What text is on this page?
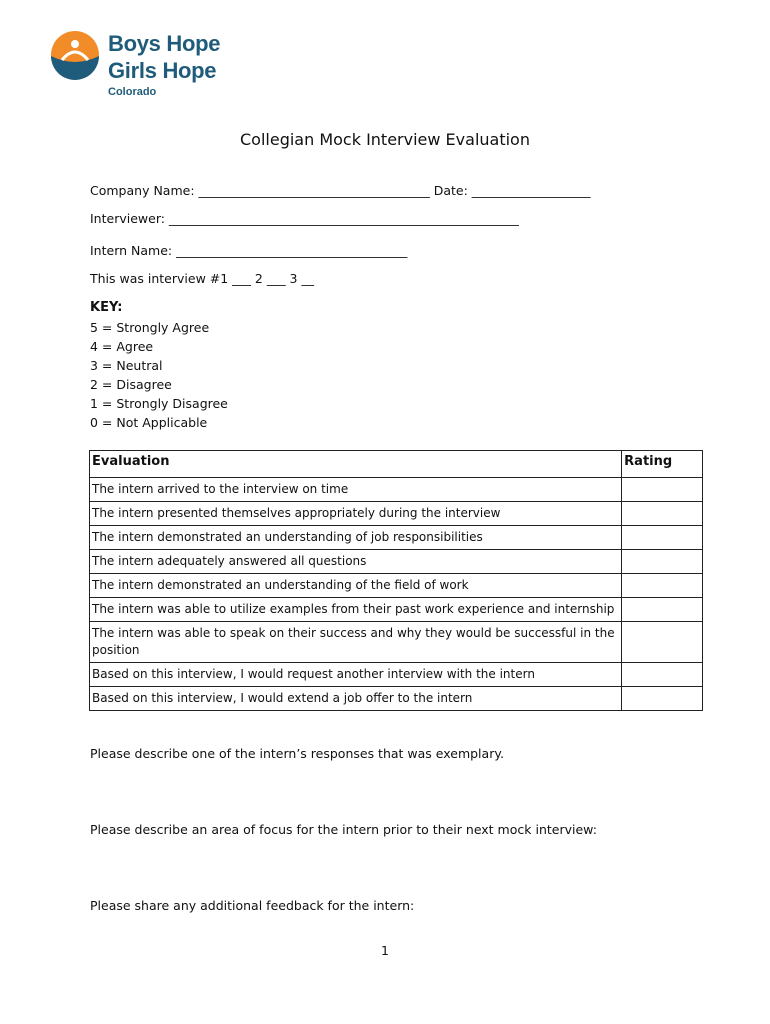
Boys Hope
Girls Hope
Colorado
Collegian Mock Interview Evaluation
Company Name: _____________________________________ Date: ___________________
Interviewer: ________________________________________________________
Intern Name: _____________________________________
This was interview #1 ___ 2 ___ 3 __
KEY:
5 = Strongly Agree
4 = Agree
3 = Neutral
2 = Disagree
1 = Strongly Disagree
0 = Not Applicable
Evaluation	Rating
The intern arrived to the interview on time	
The intern presented themselves appropriately during the interview	
The intern demonstrated an understanding of job responsibilities	
The intern adequately answered all questions	
The intern demonstrated an understanding of the field of work	
The intern was able to utilize examples from their past work experience and internship	
The intern was able to speak on their success and why they would be successful in the position	
Based on this interview, I would request another interview with the intern	
Based on this interview, I would extend a job offer to the intern	
Please describe one of the intern’s responses that was exemplary.
Please describe an area of focus for the intern prior to their next mock interview:
Please share any additional feedback for the intern:
1
